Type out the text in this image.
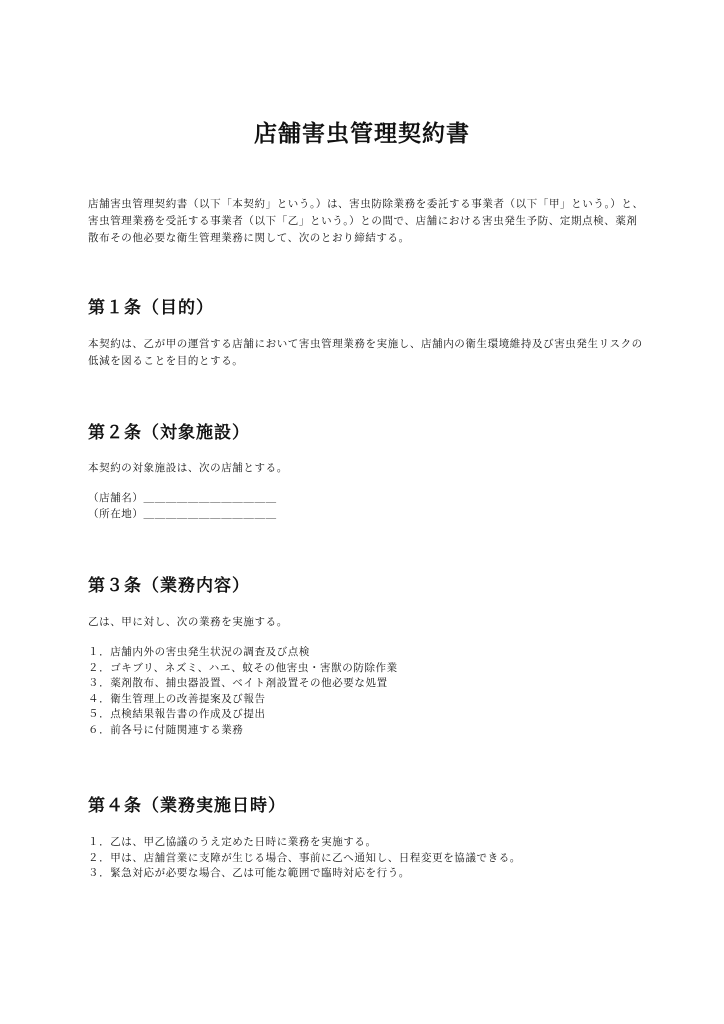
店舗害虫管理契約書

店舗害虫管理契約書（以下「本契約」という。）は、害虫防除業務を委託する事業者（以下「甲」という。）と、害虫管理業務を受託する事業者（以下「乙」という。）との間で、店舗における害虫発生予防、定期点検、薬剤散布その他必要な衛生管理業務に関して、次のとおり締結する。

第１条（目的）

本契約は、乙が甲の運営する店舗において害虫管理業務を実施し、店舗内の衛生環境維持及び害虫発生リスクの低減を図ることを目的とする。

第２条（対象施設）

本契約の対象施設は、次の店舗とする。

（店舗名）＿＿＿＿＿＿＿＿＿＿＿＿
（所在地）＿＿＿＿＿＿＿＿＿＿＿＿
第３条（業務内容）

乙は、甲に対し、次の業務を実施する。

１．店舗内外の害虫発生状況の調査及び点検
２．ゴキブリ、ネズミ、ハエ、蚊その他害虫・害獣の防除作業
３．薬剤散布、捕虫器設置、ベイト剤設置その他必要な処置
４．衛生管理上の改善提案及び報告
５．点検結果報告書の作成及び提出
６．前各号に付随関連する業務
第４条（業務実施日時）
１．乙は、甲乙協議のうえ定めた日時に業務を実施する。
２．甲は、店舗営業に支障が生じる場合、事前に乙へ通知し、日程変更を協議できる。
３．緊急対応が必要な場合、乙は可能な範囲で臨時対応を行う。
